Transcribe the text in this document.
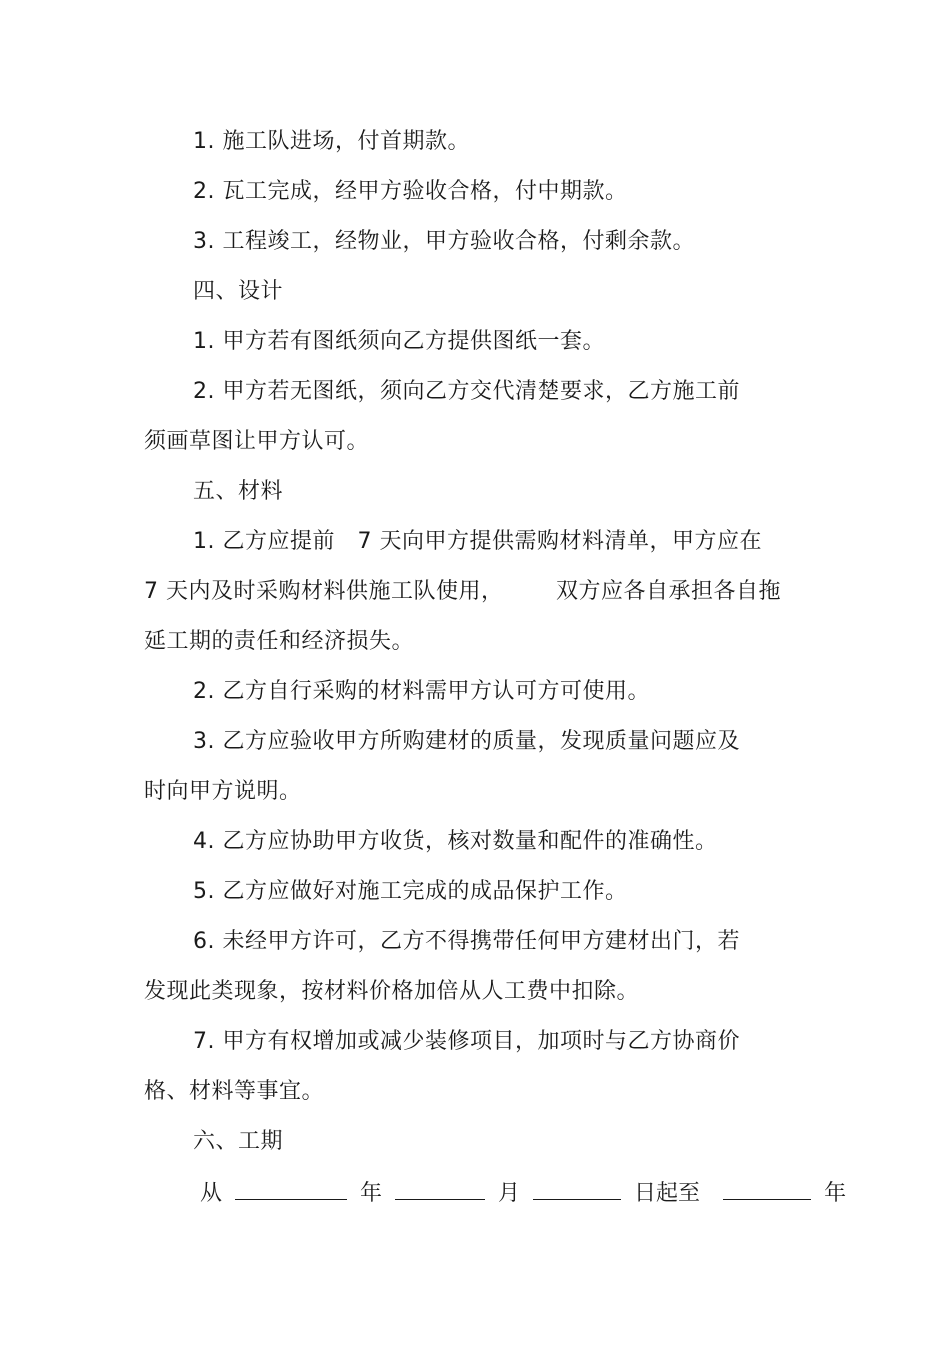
1. 施工队进场，付首期款。
2. 瓦工完成，经甲方验收合格，付中期款。
3. 工程竣工，经物业，甲方验收合格，付剩余款。
四、设计
1. 甲方若有图纸须向乙方提供图纸一套。
2. 甲方若无图纸，须向乙方交代清楚要求，乙方施工前
须画草图让甲方认可。
五、材料
1. 乙方应提前   7 天向甲方提供需购材料清单，甲方应在
7 天内及时采购材料供施工队使用，       双方应各自承担各自拖
延工期的责任和经济损失。
2. 乙方自行采购的材料需甲方认可方可使用。
3. 乙方应验收甲方所购建材的质量，发现质量问题应及
时向甲方说明。
4. 乙方应协助甲方收货，核对数量和配件的准确性。
5. 乙方应做好对施工完成的成品保护工作。
6. 未经甲方许可，乙方不得携带任何甲方建材出门，若
发现此类现象，按材料价格加倍从人工费中扣除。
7. 甲方有权增加或减少装修项目，加项时与乙方协商价
格、材料等事宜。
六、工期
从	年	月	日起至	年
